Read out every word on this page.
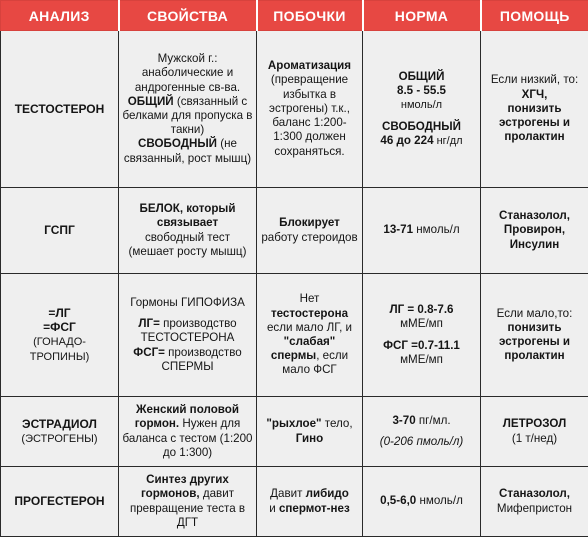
АНАЛИЗ	СВОЙСТВА	ПОБОЧКИ	НОРМА	ПОМОЩЬ
ТЕСТОСТЕРОН	Мужской г.: анаболические и андрогенные св-ва.
ОБЩИЙ (связанный с белками для пропуска в такни)
СВОБОДНЫЙ (не связанный, рост мышц)	Ароматизация (превращение избытка в эстрогены) т.к., баланс 1:200-1:300 должен сохраняться.	ОБЩИЙ
8.5 - 55.5
нмоль/л
СВОБОДНЫЙ
46 до 224 нг/дл	Если низкий, то: ХГЧ,
понизить эстрогены и пролактин
ГСПГ	БЕЛОК, который связывает
свободный тест (мешает росту мышц)	Блокирует
работу стероидов	13-71 нмоль/л	Станазолол, Провирон, Инсулин
=ЛГ
=ФСГ
(ГОНАДО-ТРОПИНЫ)	Гормоны ГИПОФИЗА
ЛГ= производство ТЕСТОСТЕРОНА
ФСГ= производство СПЕРМЫ	Нет
тестостерона если мало ЛГ, и "слабая" спермы, если мало ФСГ	ЛГ = 0.8-7.6
мМЕ/мп
ФСГ =0.7-11.1
мМЕ/мп	Если мало,то:
понизить эстрогены и пролактин
ЭСТРАДИОЛ
(ЭСТРОГЕНЫ)	Женский половой гормон. Нужен для баланса с тестом (1:200 до 1:300)	"рыхлое" тело,
Гино	3-70 пг/мл.
(0-206 пмоль/л)	ЛЕТРОЗОЛ
(1 т/нед)
ПРОГЕСТЕРОН	Синтез других гормонов, давит превращение теста в ДГТ	Давит либидо
и спермот-нез	0,5-6,0 нмоль/л	Станазолол,
Мифепристон
